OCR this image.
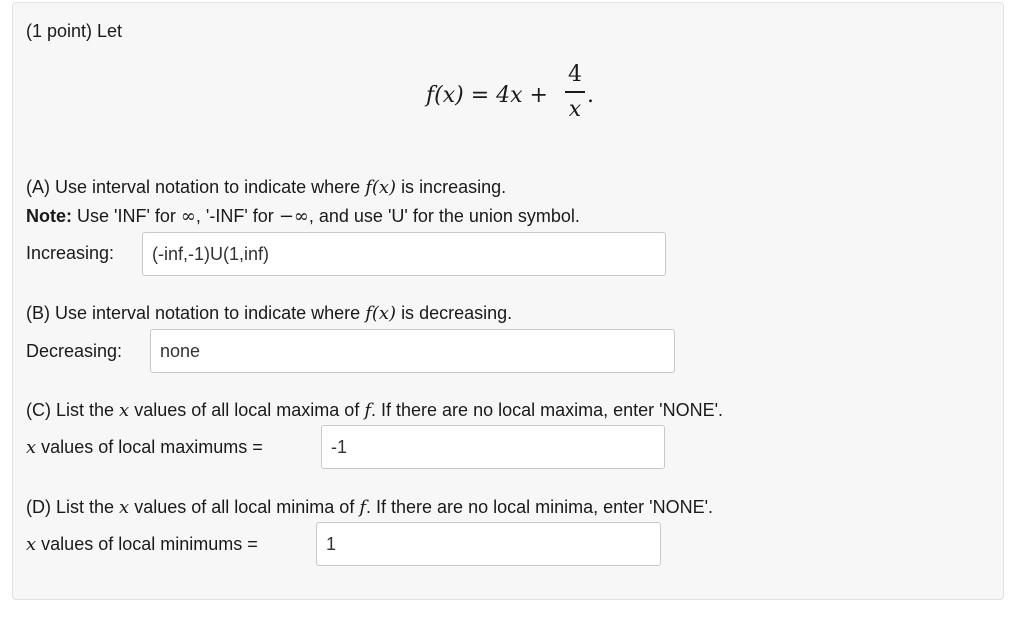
(1 point) Let
f(x) = 4x +
4
x
.
(A) Use interval notation to indicate where f(x) is increasing.
Note: Use 'INF' for ∞, '-INF' for −∞, and use 'U' for the union symbol.
Increasing:
(-inf,-1)U(1,inf)
(B) Use interval notation to indicate where f(x) is decreasing.
Decreasing:
none
(C) List the x values of all local maxima of f. If there are no local maxima, enter 'NONE'.
x values of local maximums =
-1
(D) List the x values of all local minima of f. If there are no local minima, enter 'NONE'.
x values of local minimums =
1
